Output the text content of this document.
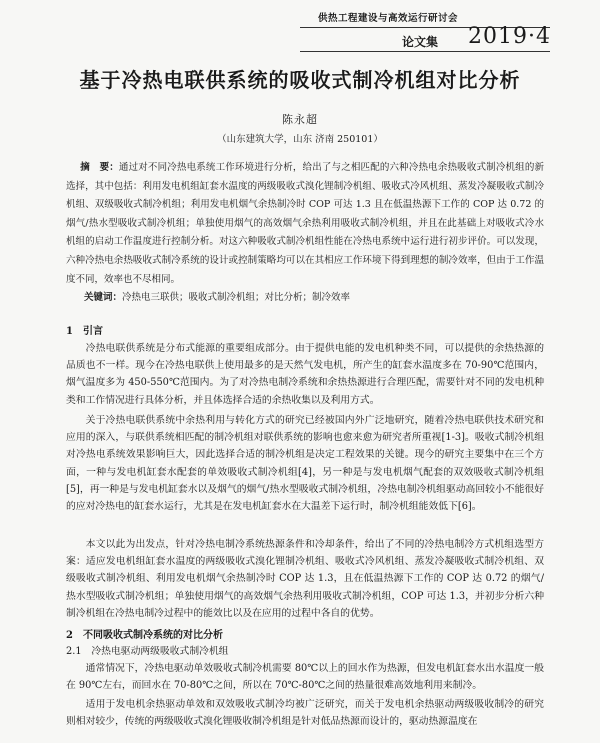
供热工程建设与高效运行研讨会
论文集 2019·4
基于冷热电联供系统的吸收式制冷机组对比分析
陈永超
（山东建筑大学，山东 济南 250101）

摘　要：通过对不同冷热电系统工作环境进行分析，给出了与之相匹配的六种冷热电余热吸收式制冷机组的新选择，其中包括：利用发电机组缸套水温度的两级吸收式溴化锂制冷机组、吸收式冷风机组、蒸发冷凝吸收式制冷机组、双级吸收式制冷机组；利用发电机烟气余热制冷时 COP 可达 1.3 且在低温热源下工作的 COP 达 0.72 的烟气/热水型吸收式制冷机组；单独使用烟气的高效烟气余热利用吸收式制冷机组，并且在此基础上对吸收式冷水机组的启动工作温度进行控制分析。对这六种吸收式制冷机组性能在冷热电系统中运行进行初步评价。可以发现，六种冷热电余热吸收式制冷系统的设计或控制策略均可以在其相应工作环境下得到理想的制冷效率，但由于工作温度不同，效率也不尽相同。

关键词：冷热电三联供；吸收式制冷机组；对比分析；制冷效率
1　引言

冷热电联供系统是分布式能源的重要组成部分。由于提供电能的发电机种类不同，可以提供的余热热源的品质也不一样。现今在冷热电联供上使用最多的是天然气发电机，所产生的缸套水温度多在 70-90℃范围内，烟气温度多为 450-550℃范围内。为了对冷热电制冷系统和余热热源进行合理匹配，需要针对不同的发电机种类和工作情况进行具体分析，并且体选择合适的余热收集以及利用方式。

关于冷热电联供系统中余热利用与转化方式的研究已经被国内外广泛地研究，随着冷热电联供技术研究和应用的深入，与联供系统相匹配的制冷机组对联供系统的影响也愈来愈为研究者所重视[1-3]。吸收式制冷机组对冷热电系统效果影响巨大，因此选择合适的制冷机组是决定工程效果的关键。现今的研究主要集中在三个方面，一种与发电机缸套水配套的单效吸收式制冷机组[4]，另一种是与发电机烟气配套的双效吸收式制冷机组[5]，再一种是与发电机缸套水以及烟气的烟气/热水型吸收式制冷机组，冷热电制冷机组驱动高回较小不能很好的应对冷热电的缸套水运行，尤其是在发电机缸套水在大温差下运行时，制冷机组能效低下[6]。

本文以此为出发点，针对冷热电制冷系统热源条件和冷却条件，给出了不同的冷热电制冷方式机组选型方案：适应发电机组缸套水温度的两级吸收式溴化锂制冷机组、吸收式冷风机组、蒸发冷凝吸收式制冷机组、双级吸收式制冷机组、利用发电机烟气余热制冷时 COP 达 1.3，且在低温热源下工作的 COP 达 0.72 的烟气/热水型吸收式制冷机组；单独使用烟气的高效烟气余热利用吸收式制冷机组，COP 可达 1.3，并初步分析六种制冷机组在冷热电制冷过程中的能效比以及在应用的过程中各自的优势。

2　不同吸收式制冷系统的对比分析
2.1　冷热电驱动两级吸收式制冷机组

通常情况下，冷热电驱动单效吸收式制冷机需要 80℃以上的回水作为热源，但发电机缸套水出水温度一般在 90℃左右，而回水在 70-80℃之间，所以在 70℃-80℃之间的热量很难高效地利用来制冷。

适用于发电机余热驱动单效和双效吸收式制冷均被广泛研究，而关于发电机余热驱动两级吸收制冷的研究则相对较少，传统的两级吸收式溴化锂吸收制冷机组是针对低品热源而设计的，驱动热源温度在
